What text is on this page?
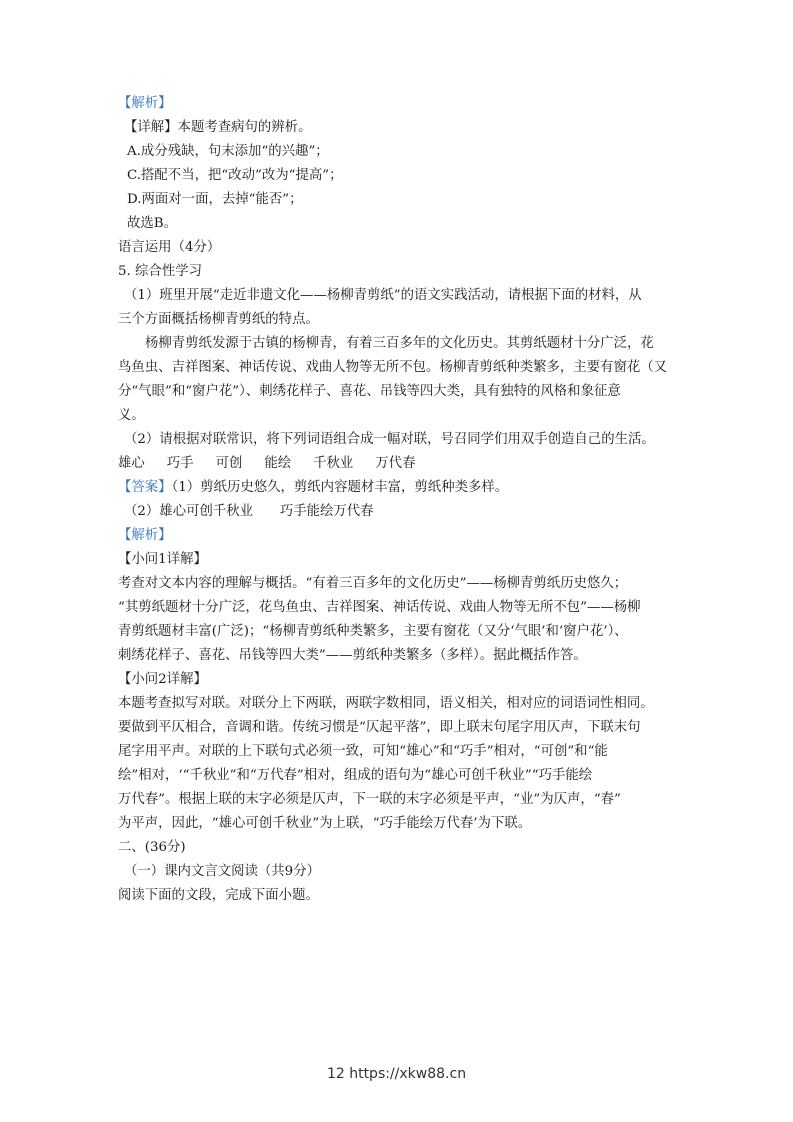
【解析】

【详解】本题考查病句的辨析。

A.成分残缺，句末添加“的兴趣”；

C.搭配不当，把“改动”改为“提高”；

D.两面对一面，去掉“能否”；

故选B。

语言运用（4分）

5. 综合性学习

（1）班里开展“走近非遗文化——杨柳青剪纸”的语文实践活动，请根据下面的材料，从

三个方面概括杨柳青剪纸的特点。

杨柳青剪纸发源于古镇的杨柳青，有着三百多年的文化历史。其剪纸题材十分广泛，花

鸟鱼虫、吉祥图案、神话传说、戏曲人物等无所不包。杨柳青剪纸种类繁多，主要有窗花（又

分“气眼”和“窗户花”）、刺绣花样子、喜花、吊钱等四大类，具有独特的风格和象征意

义。

（2）请根据对联常识，将下列词语组合成一幅对联，号召同学们用双手创造自己的生活。

雄心 巧手 可创 能绘 千秋业 万代春

【答案】（1）剪纸历史悠久，剪纸内容题材丰富，剪纸种类多样。

（2）雄心可创千秋业　　巧手能绘万代春

【解析】

【小问1详解】

考查对文本内容的理解与概括。“有着三百多年的文化历史”——杨柳青剪纸历史悠久；

“其剪纸题材十分广泛，花鸟鱼虫、吉祥图案、神话传说、戏曲人物等无所不包”——杨柳

青剪纸题材丰富(广泛)；“杨柳青剪纸种类繁多，主要有窗花（又分‘气眼’和‘窗户花’）、

刺绣花样子、喜花、吊钱等四大类”——剪纸种类繁多（多样）。据此概括作答。

【小问2详解】

本题考查拟写对联。对联分上下两联，两联字数相同，语义相关，相对应的词语词性相同。

要做到平仄相合，音调和谐。传统习惯是“仄起平落”，即上联末句尾字用仄声，下联末句

尾字用平声。对联的上下联句式必须一致，可知“雄心”和“巧手”相对，“可创”和“能

绘”相对，‘“千秋业”和“万代春”相对，组成的语句为“雄心可创千秋业”“巧手能绘

万代春”。根据上联的末字必须是仄声，下一联的末字必须是平声，“业”为仄声，“春”

为平声，因此，“雄心可创千秋业”为上联，“巧手能绘万代春’为下联。

二、(36分)

（一）课内文言文阅读（共9分）

阅读下面的文段，完成下面小题。

12 https://xkw88.cn
